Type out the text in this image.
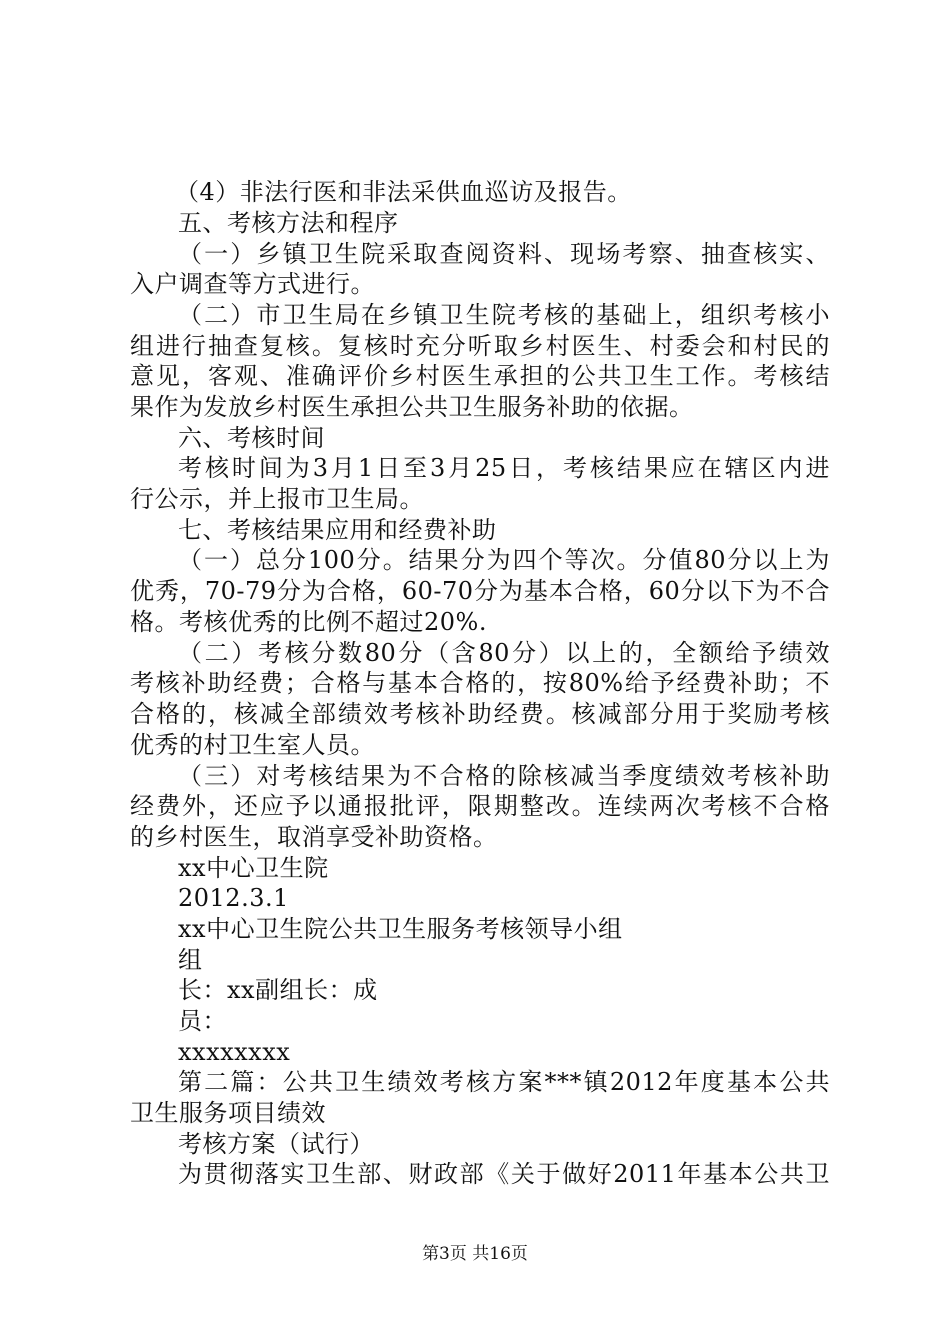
（4）非法行医和非法采供血巡访及报告。
五、考核方法和程序
（一）乡镇卫生院采取查阅资料、现场考察、抽查核实、
入户调查等方式进行。
（二）市卫生局在乡镇卫生院考核的基础上，组织考核小
组进行抽查复核。复核时充分听取乡村医生、村委会和村民的
意见，客观、准确评价乡村医生承担的公共卫生工作。考核结
果作为发放乡村医生承担公共卫生服务补助的依据。
六、考核时间
考核时间为3月1日至3月25日，考核结果应在辖区内进
行公示，并上报市卫生局。
七、考核结果应用和经费补助
（一）总分100分。结果分为四个等次。分值80分以上为
优秀，70-79分为合格，60-70分为基本合格，60分以下为不合
格。考核优秀的比例不超过20%.
（二）考核分数80分（含80分）以上的，全额给予绩效
考核补助经费；合格与基本合格的，按80%给予经费补助；不
合格的，核减全部绩效考核补助经费。核减部分用于奖励考核
优秀的村卫生室人员。
（三）对考核结果为不合格的除核减当季度绩效考核补助
经费外，还应予以通报批评，限期整改。连续两次考核不合格
的乡村医生，取消享受补助资格。
xx中心卫生院
2012.3.1
xx中心卫生院公共卫生服务考核领导小组
组
长：xx副组长：成
员：
xxxxxxxx
第二篇：公共卫生绩效考核方案***镇2012年度基本公共
卫生服务项目绩效
考核方案（试行）
为贯彻落实卫生部、财政部《关于做好2011年基本公共卫
第3页 共16页
